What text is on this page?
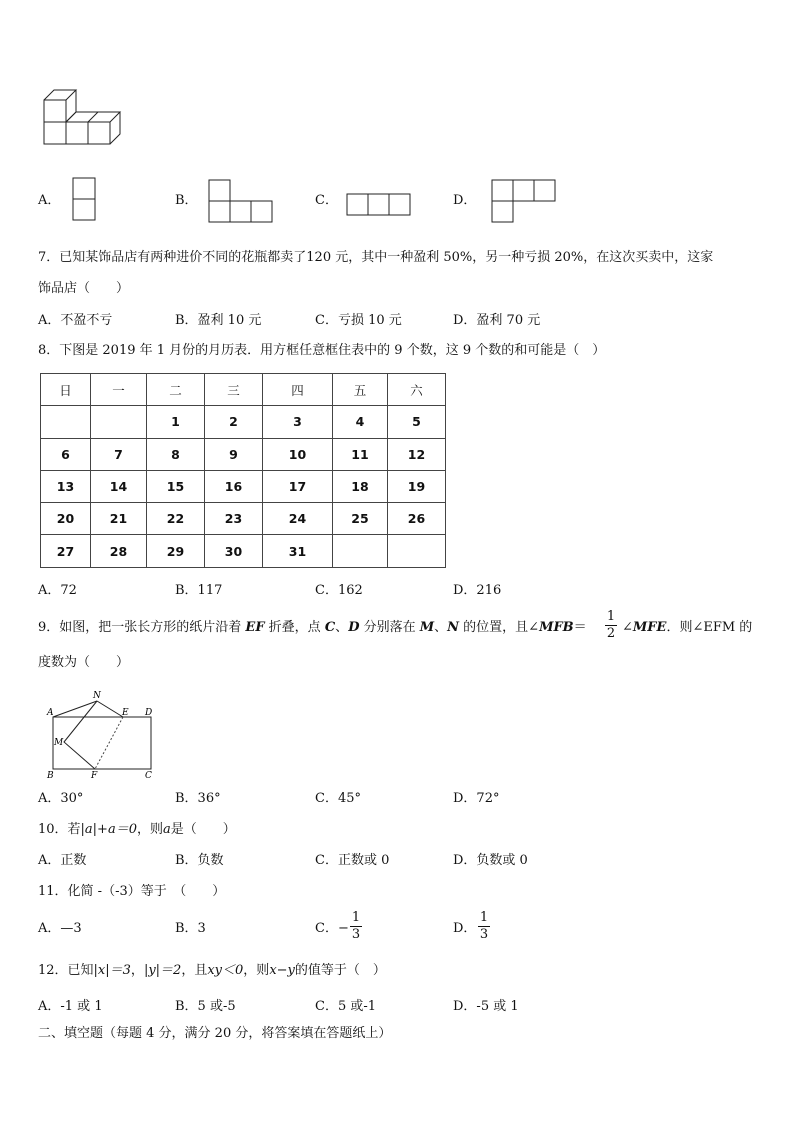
A．	B．	C．	D．
7．已知某饰品店有两种进价不同的花瓶都卖了120 元，其中一种盈利 50%，另一种亏损 20%，在这次买卖中，这家
饰品店（　　）
A．不盈不亏	B．盈利 10 元	C．亏损 10 元	D．盈利 70 元
8．下图是 2019 年 1 月份的月历表．用方框任意框住表中的 9 个数，这 9 个数的和可能是（　）
日	一	二	三	四	五	六
		1	2	3	4	5
6	7	8	9	10	11	12
13	14	15	16	17	18	19
20	21	22	23	24	25	26
27	28	29	30	31		
A．72	B．117	C．162	D．216
9．如图，把一张长方形的纸片沿着 EF 折叠，点 C、D 分别落在 M、N 的位置，且∠MFB＝
1
2 ∠MFE．则∠EFM 的
度数为（　　）
A
N
E D
M
B	F	C
A．30°	B．36°	C．45°	D．72°
10．若|a|+a＝0，则a是（　　）
A．正数	B．负数	C．正数或 0	D．负数或 0
11．化简 -（-3）等于　（　　）
A．—3	B．3	C． −
1
3	D．
1
3
12．已知|x|＝3，|y|＝2，且xy＜0，则x−y的值等于（　）
A．-1 或 1	B．5 或-5	C．5 或-1	D．-5 或 1
二、填空题（每题 4 分，满分 20 分，将答案填在答题纸上）
